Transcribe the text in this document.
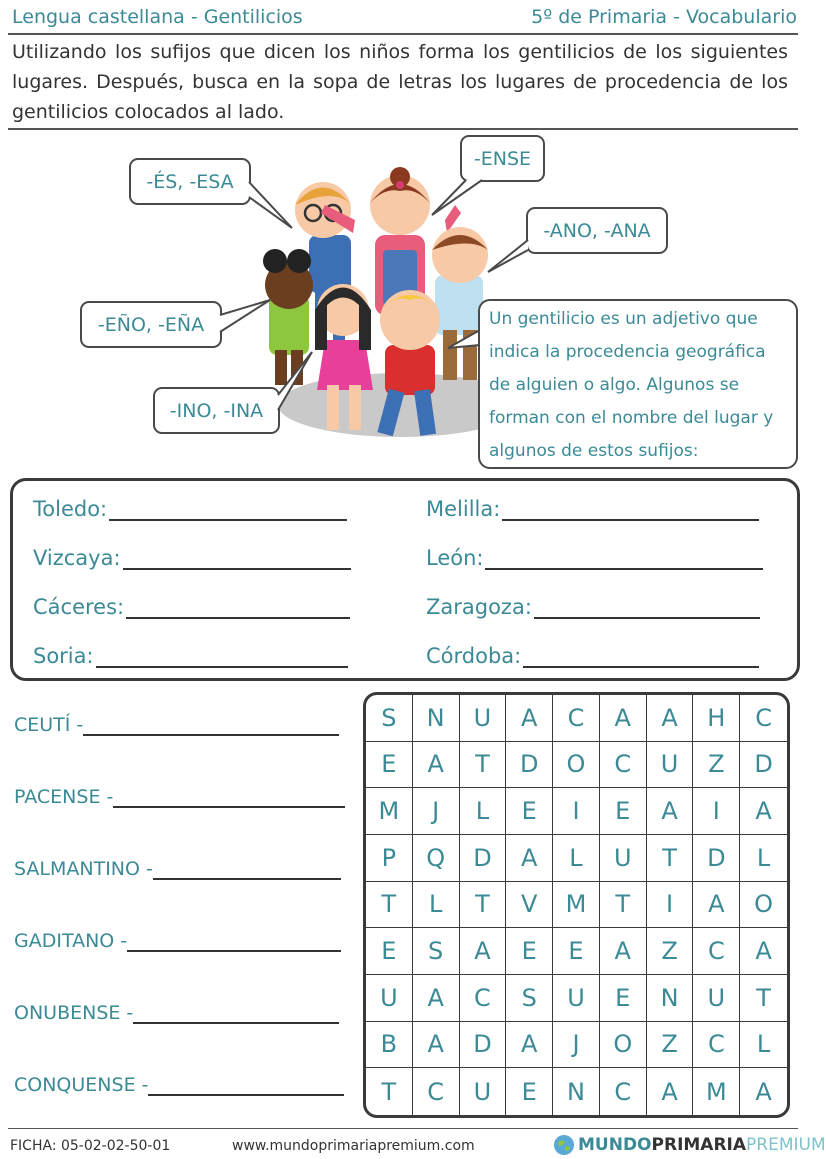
Lengua castellana - Gentilicios	5º de Primaria - Vocabulario
Utilizando los sufijos que dicen los niños forma los gentilicios de los siguientes lugares. Después, busca en la sopa de letras los lugares de procedencia de los gentilicios colocados al lado.
-ÉS, -ESA
-ENSE
-ANO, -ANA
-EÑO, -EÑA
-INO, -INA
Un gentilicio es un adjetivo que indica la procedencia geográfica de alguien o algo. Algunos se forman con el nombre del lugar y algunos de estos sufijos:
Toledo:
Vizcaya:
Cáceres:
Soria:
Melilla:
León:
Zaragoza:
Córdoba:
CEUTÍ -
PACENSE -
SALMANTINO -
GADITANO -
ONUBENSE -
CONQUENSE -
S	N	U	A	C	A	A	H	C
E	A	T	D	O	C	U	Z	D
M	J	L	E	I	E	A	I	A
P	Q	D	A	L	U	T	D	L
T	L	T	V	M	T	I	A	O
E	S	A	E	E	A	Z	C	A
U	A	C	S	U	E	N	U	T
B	A	D	A	J	O	Z	C	L
T	C	U	E	N	C	A	M	A
FICHA: 05-02-02-50-01	www.mundoprimariapremium.com	MUNDO PRIMARIA PREMIUM
